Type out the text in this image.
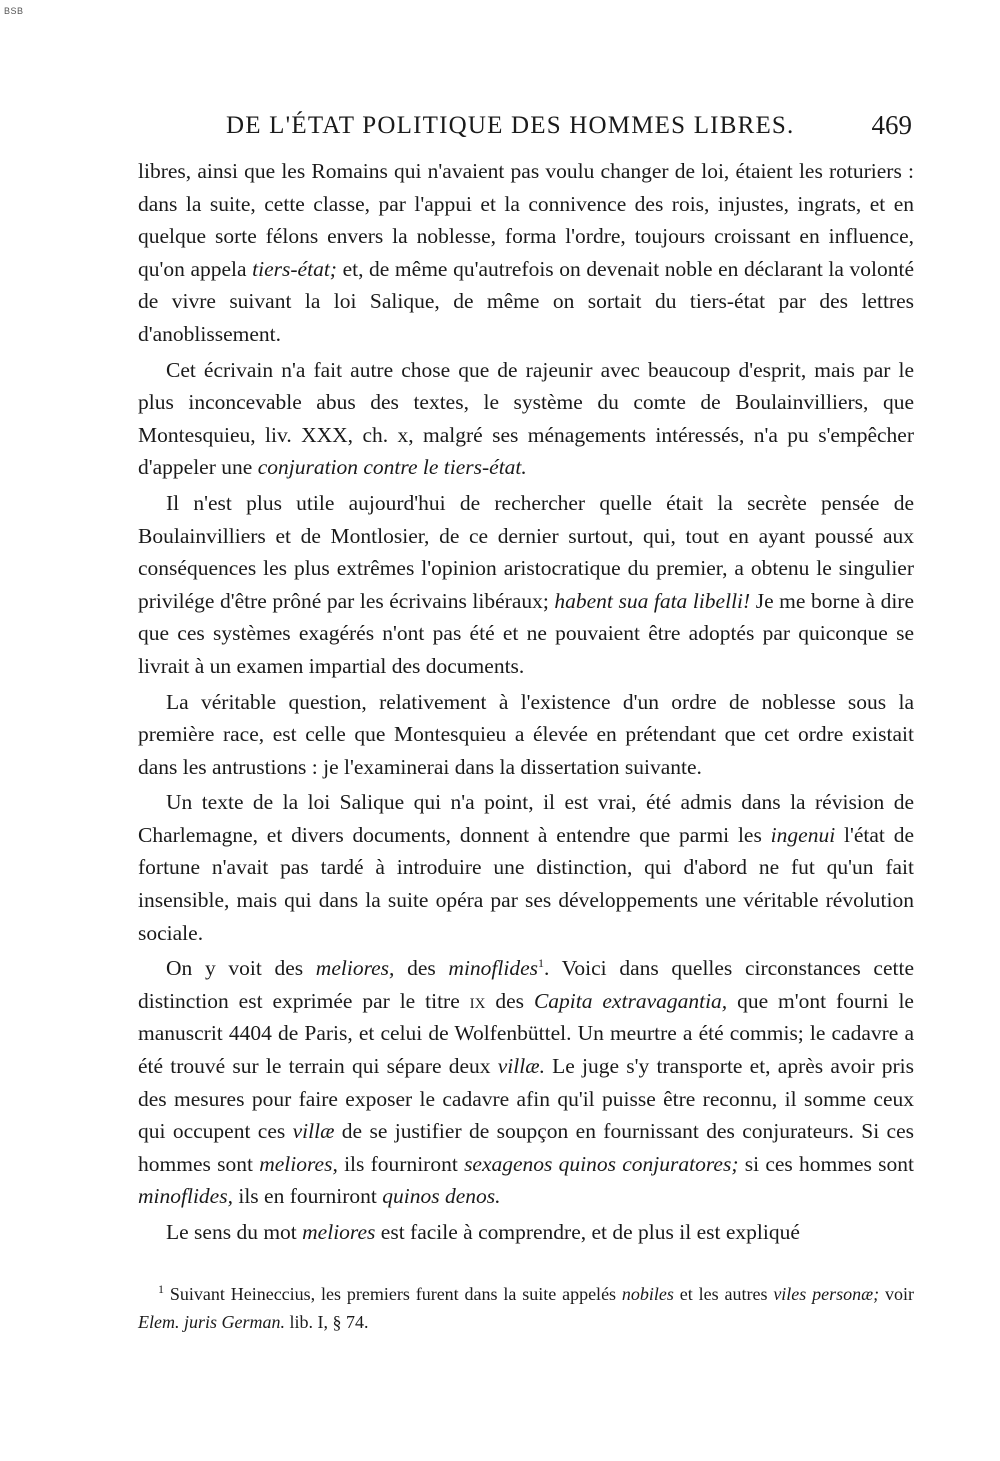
BSB
DE L'ÉTAT POLITIQUE DES HOMMES LIBRES.	469

libres, ainsi que les Romains qui n'avaient pas voulu changer de loi, étaient les roturiers : dans la suite, cette classe, par l'appui et la connivence des rois, injustes, ingrats, et en quelque sorte félons envers la noblesse, forma l'ordre, toujours croissant en influence, qu'on appela tiers-état; et, de même qu'autrefois on devenait noble en déclarant la volonté de vivre suivant la loi Salique, de même on sortait du tiers-état par des lettres d'anoblissement.

Cet écrivain n'a fait autre chose que de rajeunir avec beaucoup d'esprit, mais par le plus inconcevable abus des textes, le système du comte de Boulainvilliers, que Montesquieu, liv. XXX, ch. x, malgré ses ménagements intéressés, n'a pu s'empêcher d'appeler une conjuration contre le tiers-état.

Il n'est plus utile aujourd'hui de rechercher quelle était la secrète pensée de Boulainvilliers et de Montlosier, de ce dernier surtout, qui, tout en ayant poussé aux conséquences les plus extrêmes l'opinion aristocratique du premier, a obtenu le singulier privilége d'être prôné par les écrivains libéraux; habent sua fata libelli! Je me borne à dire que ces systèmes exagérés n'ont pas été et ne pouvaient être adoptés par quiconque se livrait à un examen impartial des documents.

La véritable question, relativement à l'existence d'un ordre de noblesse sous la première race, est celle que Montesquieu a élevée en prétendant que cet ordre existait dans les antrustions : je l'examinerai dans la dissertation suivante.

Un texte de la loi Salique qui n'a point, il est vrai, été admis dans la révision de Charlemagne, et divers documents, donnent à entendre que parmi les ingenui l'état de fortune n'avait pas tardé à introduire une distinction, qui d'abord ne fut qu'un fait insensible, mais qui dans la suite opéra par ses développements une véritable révolution sociale.

On y voit des meliores, des minoflides$^1$. Voici dans quelles circonstances cette distinction est exprimée par le titre ix des Capita extravagantia, que m'ont fourni le manuscrit 4404 de Paris, et celui de Wolfenbüttel. Un meurtre a été commis; le cadavre a été trouvé sur le terrain qui sépare deux villæ. Le juge s'y transporte et, après avoir pris des mesures pour faire exposer le cadavre afin qu'il puisse être reconnu, il somme ceux qui occupent ces villæ de se justifier de soupçon en fournissant des conjurateurs. Si ces hommes sont meliores, ils fourniront sexagenos quinos conjuratores; si ces hommes sont minoflides, ils en fourniront quinos denos.

Le sens du mot meliores est facile à comprendre, et de plus il est expliqué

$^1$ Suivant Heineccius, les premiers furent dans la suite appelés nobiles et les autres viles personæ; voir Elem. juris German. lib. I, § 74.
